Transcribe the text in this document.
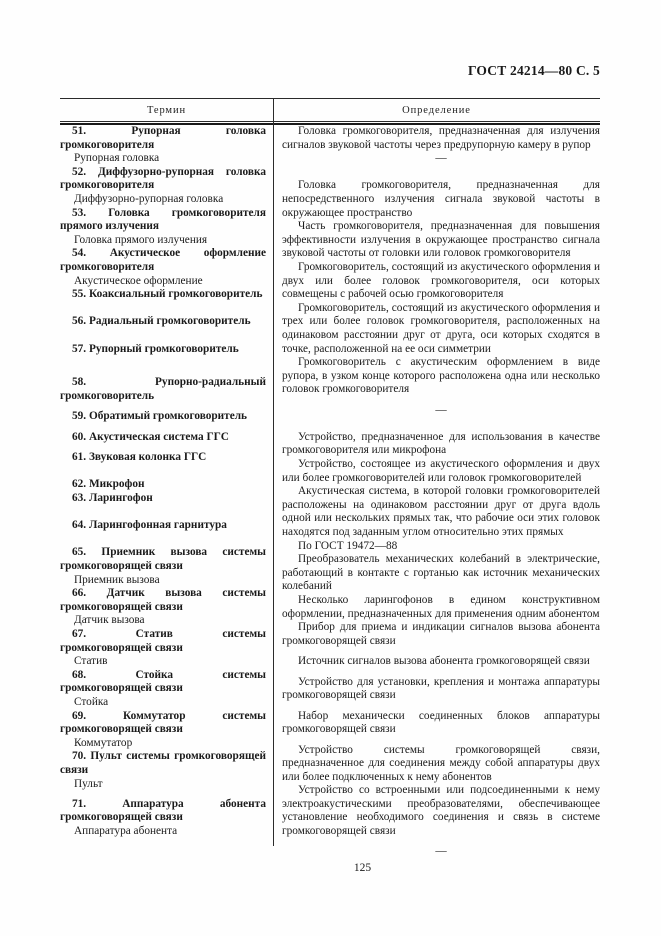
ГОСТ 24214—80 С. 5
Термин	Определение

51. Рупорная головка громкоговорителя

Рупорная головка

52. Диффузорно-рупорная головка громкоговорителя

Диффузорно-рупорная головка

53. Головка громкоговорителя прямого излучения

Головка прямого излучения

54. Акустическое оформление громкоговорителя

Акустическое оформление

55. Коаксиальный громкоговоритель

56. Радиальный громкоговоритель

57. Рупорный громкоговоритель

58. Рупорно-радиальный громкоговоритель

59. Обратимый громкоговоритель

60. Акустическая система ГГС

61. Звуковая колонка ГГС

62. Микрофон

63. Ларингофон

64. Ларингофонная гарнитура

65. Приемник вызова системы громкоговорящей связи

Приемник вызова

66. Датчик вызова системы громкоговорящей связи

Датчик вызова

67. Статив системы громкоговорящей связи

Статив

68. Стойка системы громкоговорящей связи

Стойка

69. Коммутатор системы громкоговорящей связи

Коммутатор

70. Пульт системы громкоговорящей связи

Пульт

71. Аппаратура абонента громкоговорящей связи

Аппаратура абонента

Головка громкоговорителя, предназначенная для излучения сигналов звуковой частоты через предрупорную камеру в рупор

—

Головка громкоговорителя, предназначенная для непосредственного излучения сигнала звуковой частоты в окружающее пространство

Часть громкоговорителя, предназначенная для повышения эффективности излучения в окружающее пространство сигнала звуковой частоты от головки или головок громкоговорителя

Громкоговоритель, состоящий из акустического оформления и двух или более головок громкоговорителя, оси которых совмещены с рабочей осью громкоговорителя

Громкоговоритель, состоящий из акустического оформления и трех или более головок громкоговорителя, расположенных на одинаковом расстоянии друг от друга, оси которых сходятся в точке, расположенной на ее оси симметрии

Громкоговоритель с акустическим оформлением в виде рупора, в узком конце которого расположена одна или несколько головок громкоговорителя

—

Устройство, предназначенное для использования в качестве громкоговорителя или микрофона

Устройство, состоящее из акустического оформления и двух или более громкоговорителей или головок громкоговорителей

Акустическая система, в которой головки громкоговорителей расположены на одинаковом расстоянии друг от друга вдоль одной или нескольких прямых так, что рабочие оси этих головок находятся под заданным углом относительно этих прямых

По ГОСТ 19472—88

Преобразователь механических колебаний в электрические, работающий в контакте с гортанью как источник механических колебаний

Несколько ларингофонов в едином конструктивном оформлении, предназначенных для применения одним абонентом

Прибор для приема и индикации сигналов вызова абонента громкоговорящей связи

Источник сигналов вызова абонента громкоговорящей связи

Устройство для установки, крепления и монтажа аппаратуры громкоговорящей связи

Набор механически соединенных блоков аппаратуры громкоговорящей связи

Устройство системы громкоговорящей связи, предназначенное для соединения между собой аппаратуры двух или более подключенных к нему абонентов

Устройство со встроенными или подсоединенными к нему электроакустическими преобразователями, обеспечивающее установление необходимого соединения и связь в системе громкоговорящей связи

—

125
